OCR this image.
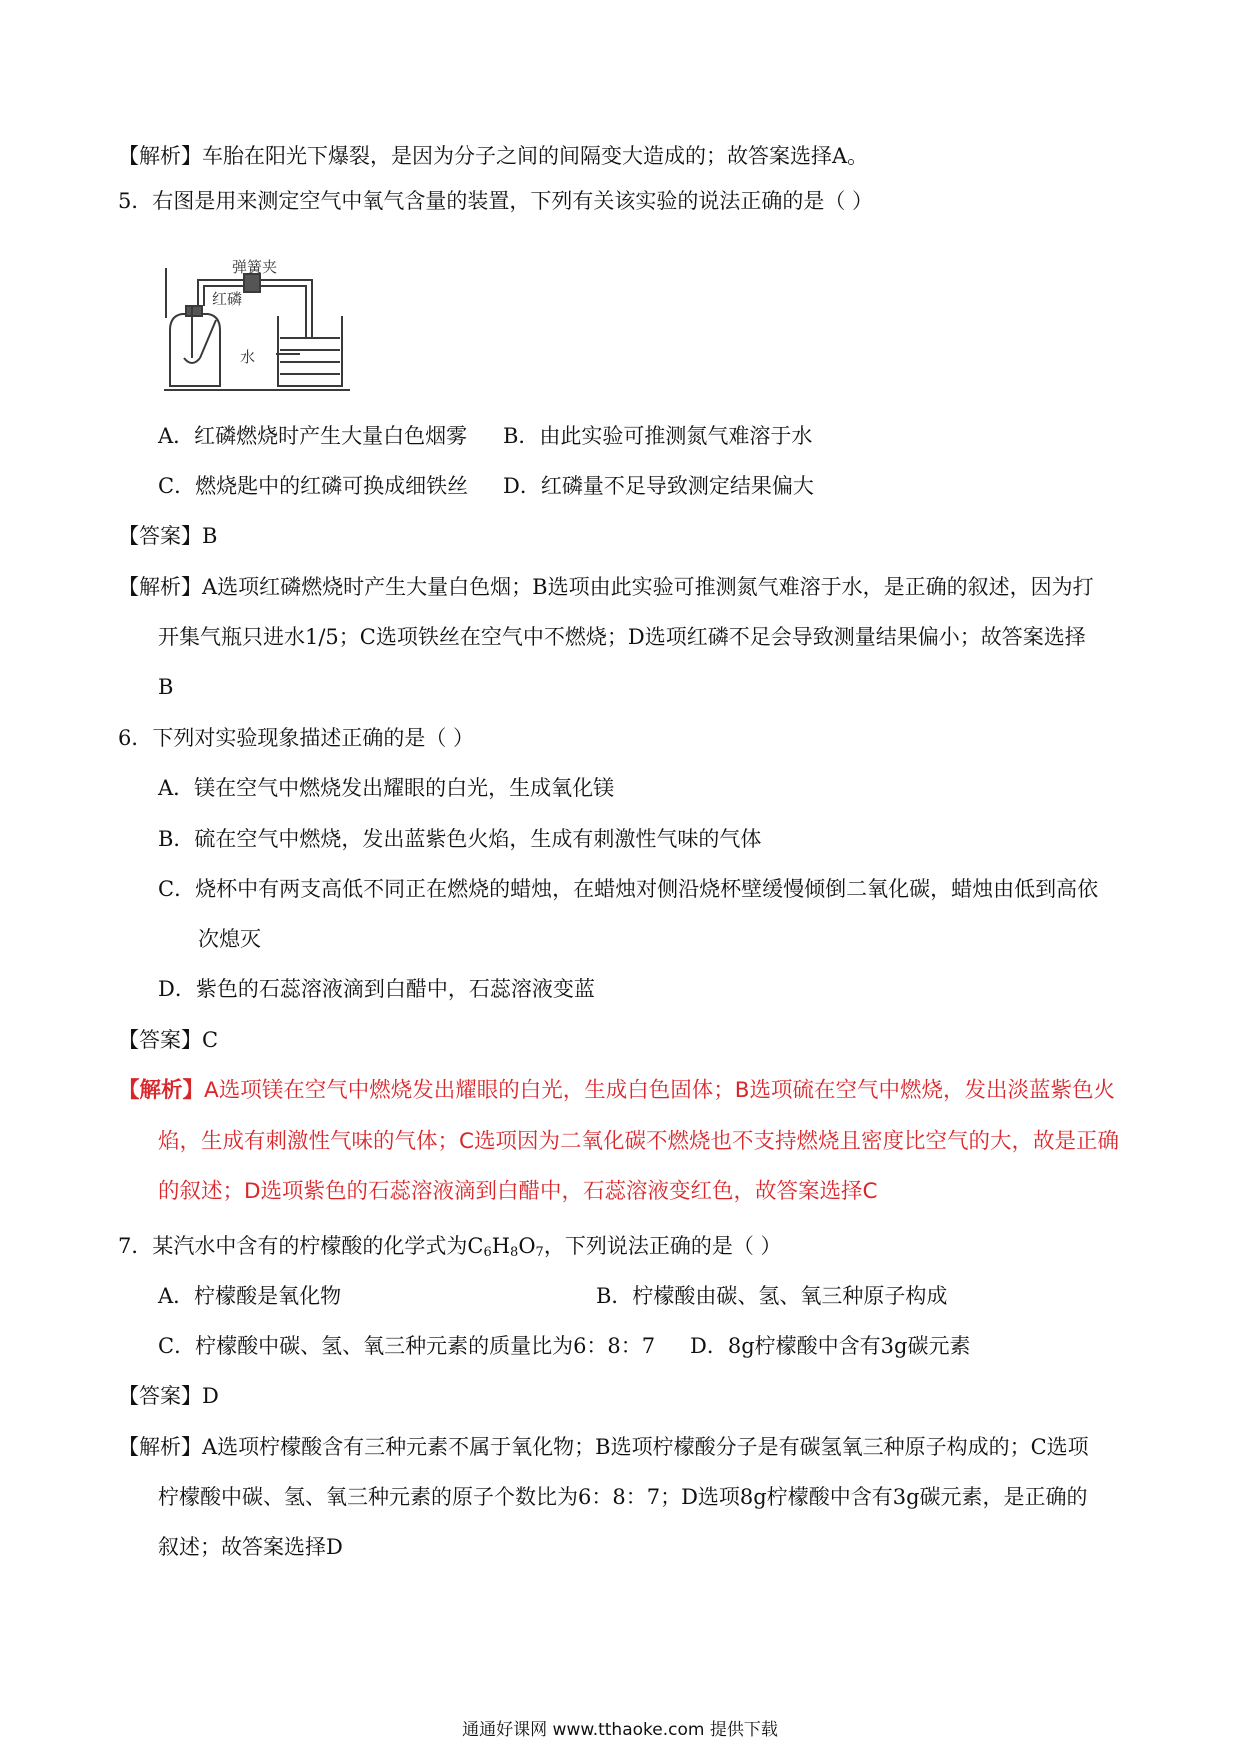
【解析】车胎在阳光下爆裂，是因为分子之间的间隔变大造成的；故答案选择A。
5．右图是用来测定空气中氧气含量的装置，下列有关该实验的说法正确的是（ ）
弹簧夹
红磷
水
A．红磷燃烧时产生大量白色烟雾 B．由此实验可推测氮气难溶于水
C．燃烧匙中的红磷可换成细铁丝 D．红磷量不足导致测定结果偏大
【答案】B
【解析】A选项红磷燃烧时产生大量白色烟；B选项由此实验可推测氮气难溶于水，是正确的叙述，因为打
开集气瓶只进水1/5；C选项铁丝在空气中不燃烧；D选项红磷不足会导致测量结果偏小；故答案选择
B
6．下列对实验现象描述正确的是（ ）
A．镁在空气中燃烧发出耀眼的白光，生成氧化镁
B．硫在空气中燃烧，发出蓝紫色火焰，生成有刺激性气味的气体
C．烧杯中有两支高低不同正在燃烧的蜡烛，在蜡烛对侧沿烧杯壁缓慢倾倒二氧化碳，蜡烛由低到高依
次熄灭
D．紫色的石蕊溶液滴到白醋中，石蕊溶液变蓝
【答案】C
【解析】A选项镁在空气中燃烧发出耀眼的白光，生成白色固体；B选项硫在空气中燃烧，发出淡蓝紫色火
焰，生成有刺激性气味的气体；C选项因为二氧化碳不燃烧也不支持燃烧且密度比空气的大，故是正确
的叙述；D选项紫色的石蕊溶液滴到白醋中，石蕊溶液变红色，故答案选择C
7．某汽水中含有的柠檬酸的化学式为$C_6H_8O_7$，下列说法正确的是（ ）
A．柠檬酸是氧化物	B．柠檬酸由碳、氢、氧三种原子构成
C．柠檬酸中碳、氢、氧三种元素的质量比为6：8：7 D．8g柠檬酸中含有3g碳元素
【答案】D
【解析】A选项柠檬酸含有三种元素不属于氧化物；B选项柠檬酸分子是有碳氢氧三种原子构成的；C选项
柠檬酸中碳、氢、氧三种元素的原子个数比为6：8：7；D选项8g柠檬酸中含有3g碳元素，是正确的
叙述；故答案选择D
通通好课网 www.tthaoke.com 提供下载
